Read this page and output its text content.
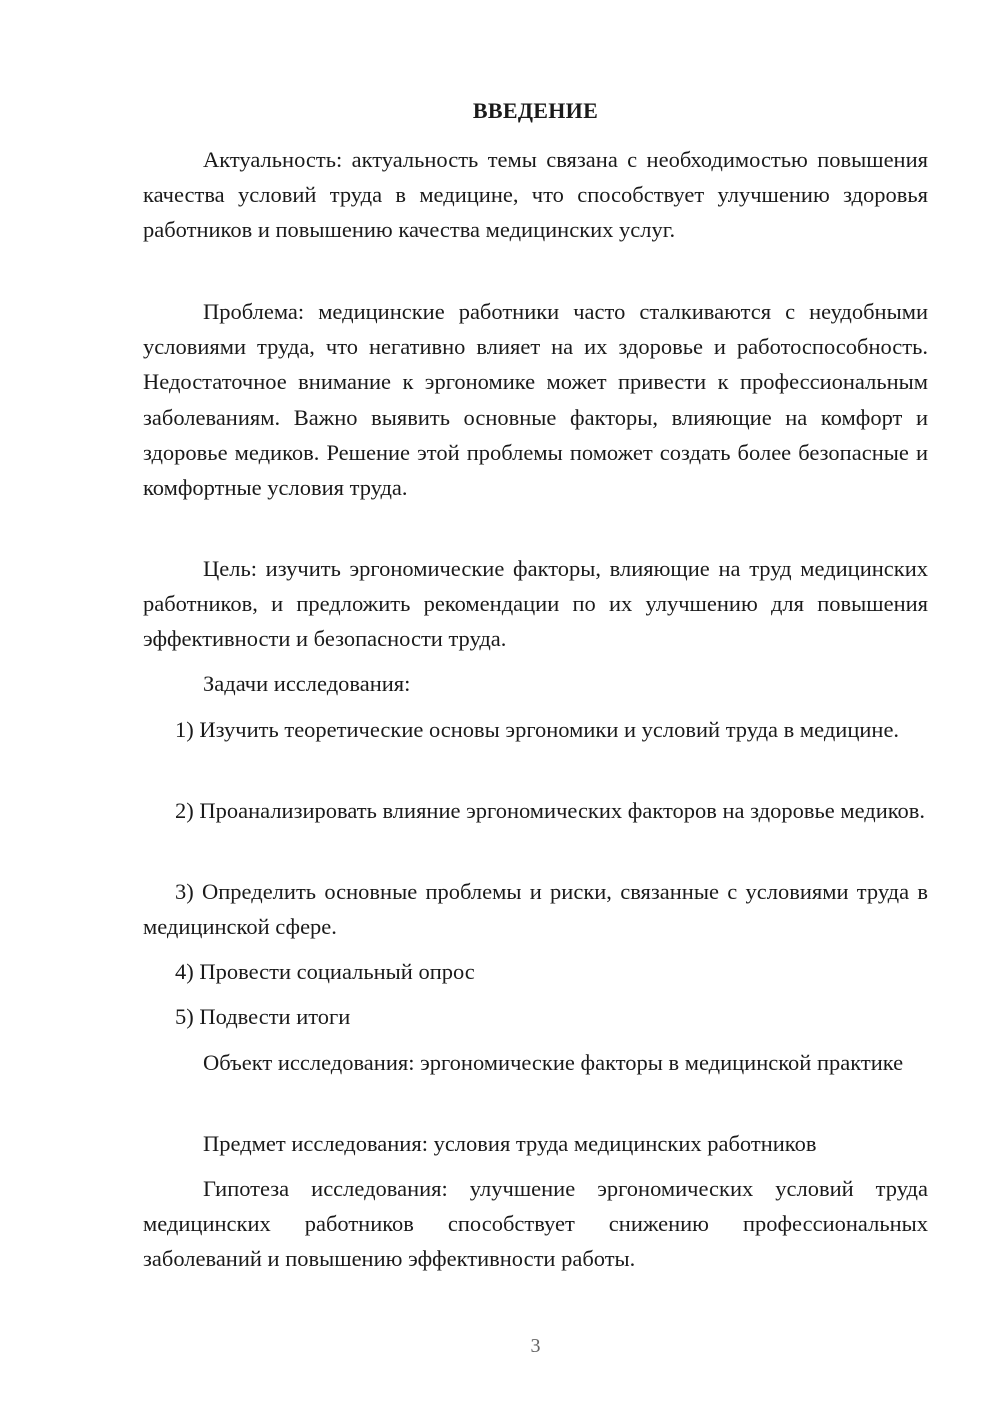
ВВЕДЕНИЕ

Актуальность: актуальность темы связана с необходимостью повышения качества условий труда в медицине, что способствует улучшению здоровья работников и повышению качества медицинских услуг.

Проблема: медицинские работники часто сталкиваются с неудобными условиями труда, что негативно влияет на их здоровье и работоспособность. Недостаточное внимание к эргономике может привести к профессиональным заболеваниям. Важно выявить основные факторы, влияющие на комфорт и здоровье медиков. Решение этой проблемы поможет создать более безопасные и комфортные условия труда.

Цель: изучить эргономические факторы, влияющие на труд медицинских работников, и предложить рекомендации по их улучшению для повышения эффективности и безопасности труда.

Задачи исследования:

1) Изучить теоретические основы эргономики и условий труда в медицине.

2) Проанализировать влияние эргономических факторов на здоровье медиков.

3) Определить основные проблемы и риски, связанные с условиями труда в медицинской сфере.

4) Провести социальный опрос

5) Подвести итоги

Объект исследования: эргономические факторы в медицинской практике

Предмет исследования: условия труда медицинских работников

Гипотеза исследования: улучшение эргономических условий труда медицинских работников способствует снижению профессиональных заболеваний и повышению эффективности работы.

3
